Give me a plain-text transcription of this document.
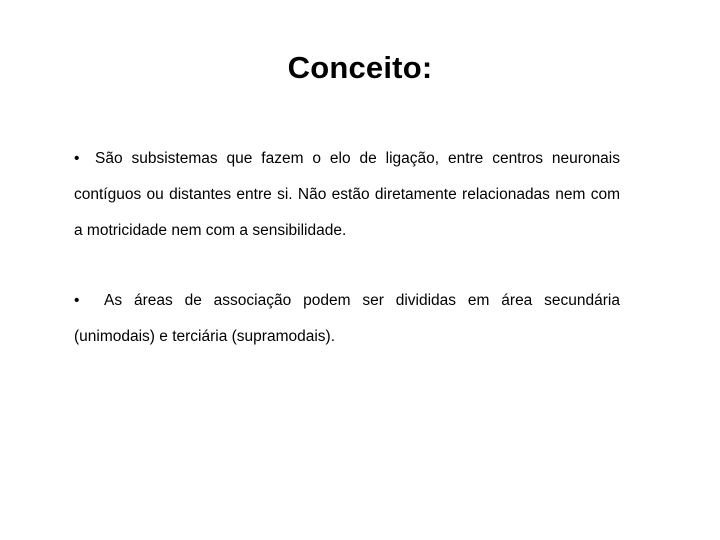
Conceito:

• São subsistemas que fazem o elo de ligação, entre centros neuronais contíguos ou distantes entre si. Não estão diretamente relacionadas nem com a motricidade nem com a sensibilidade.

• As áreas de associação podem ser divididas em área secundária (unimodais) e terciária (supramodais).
